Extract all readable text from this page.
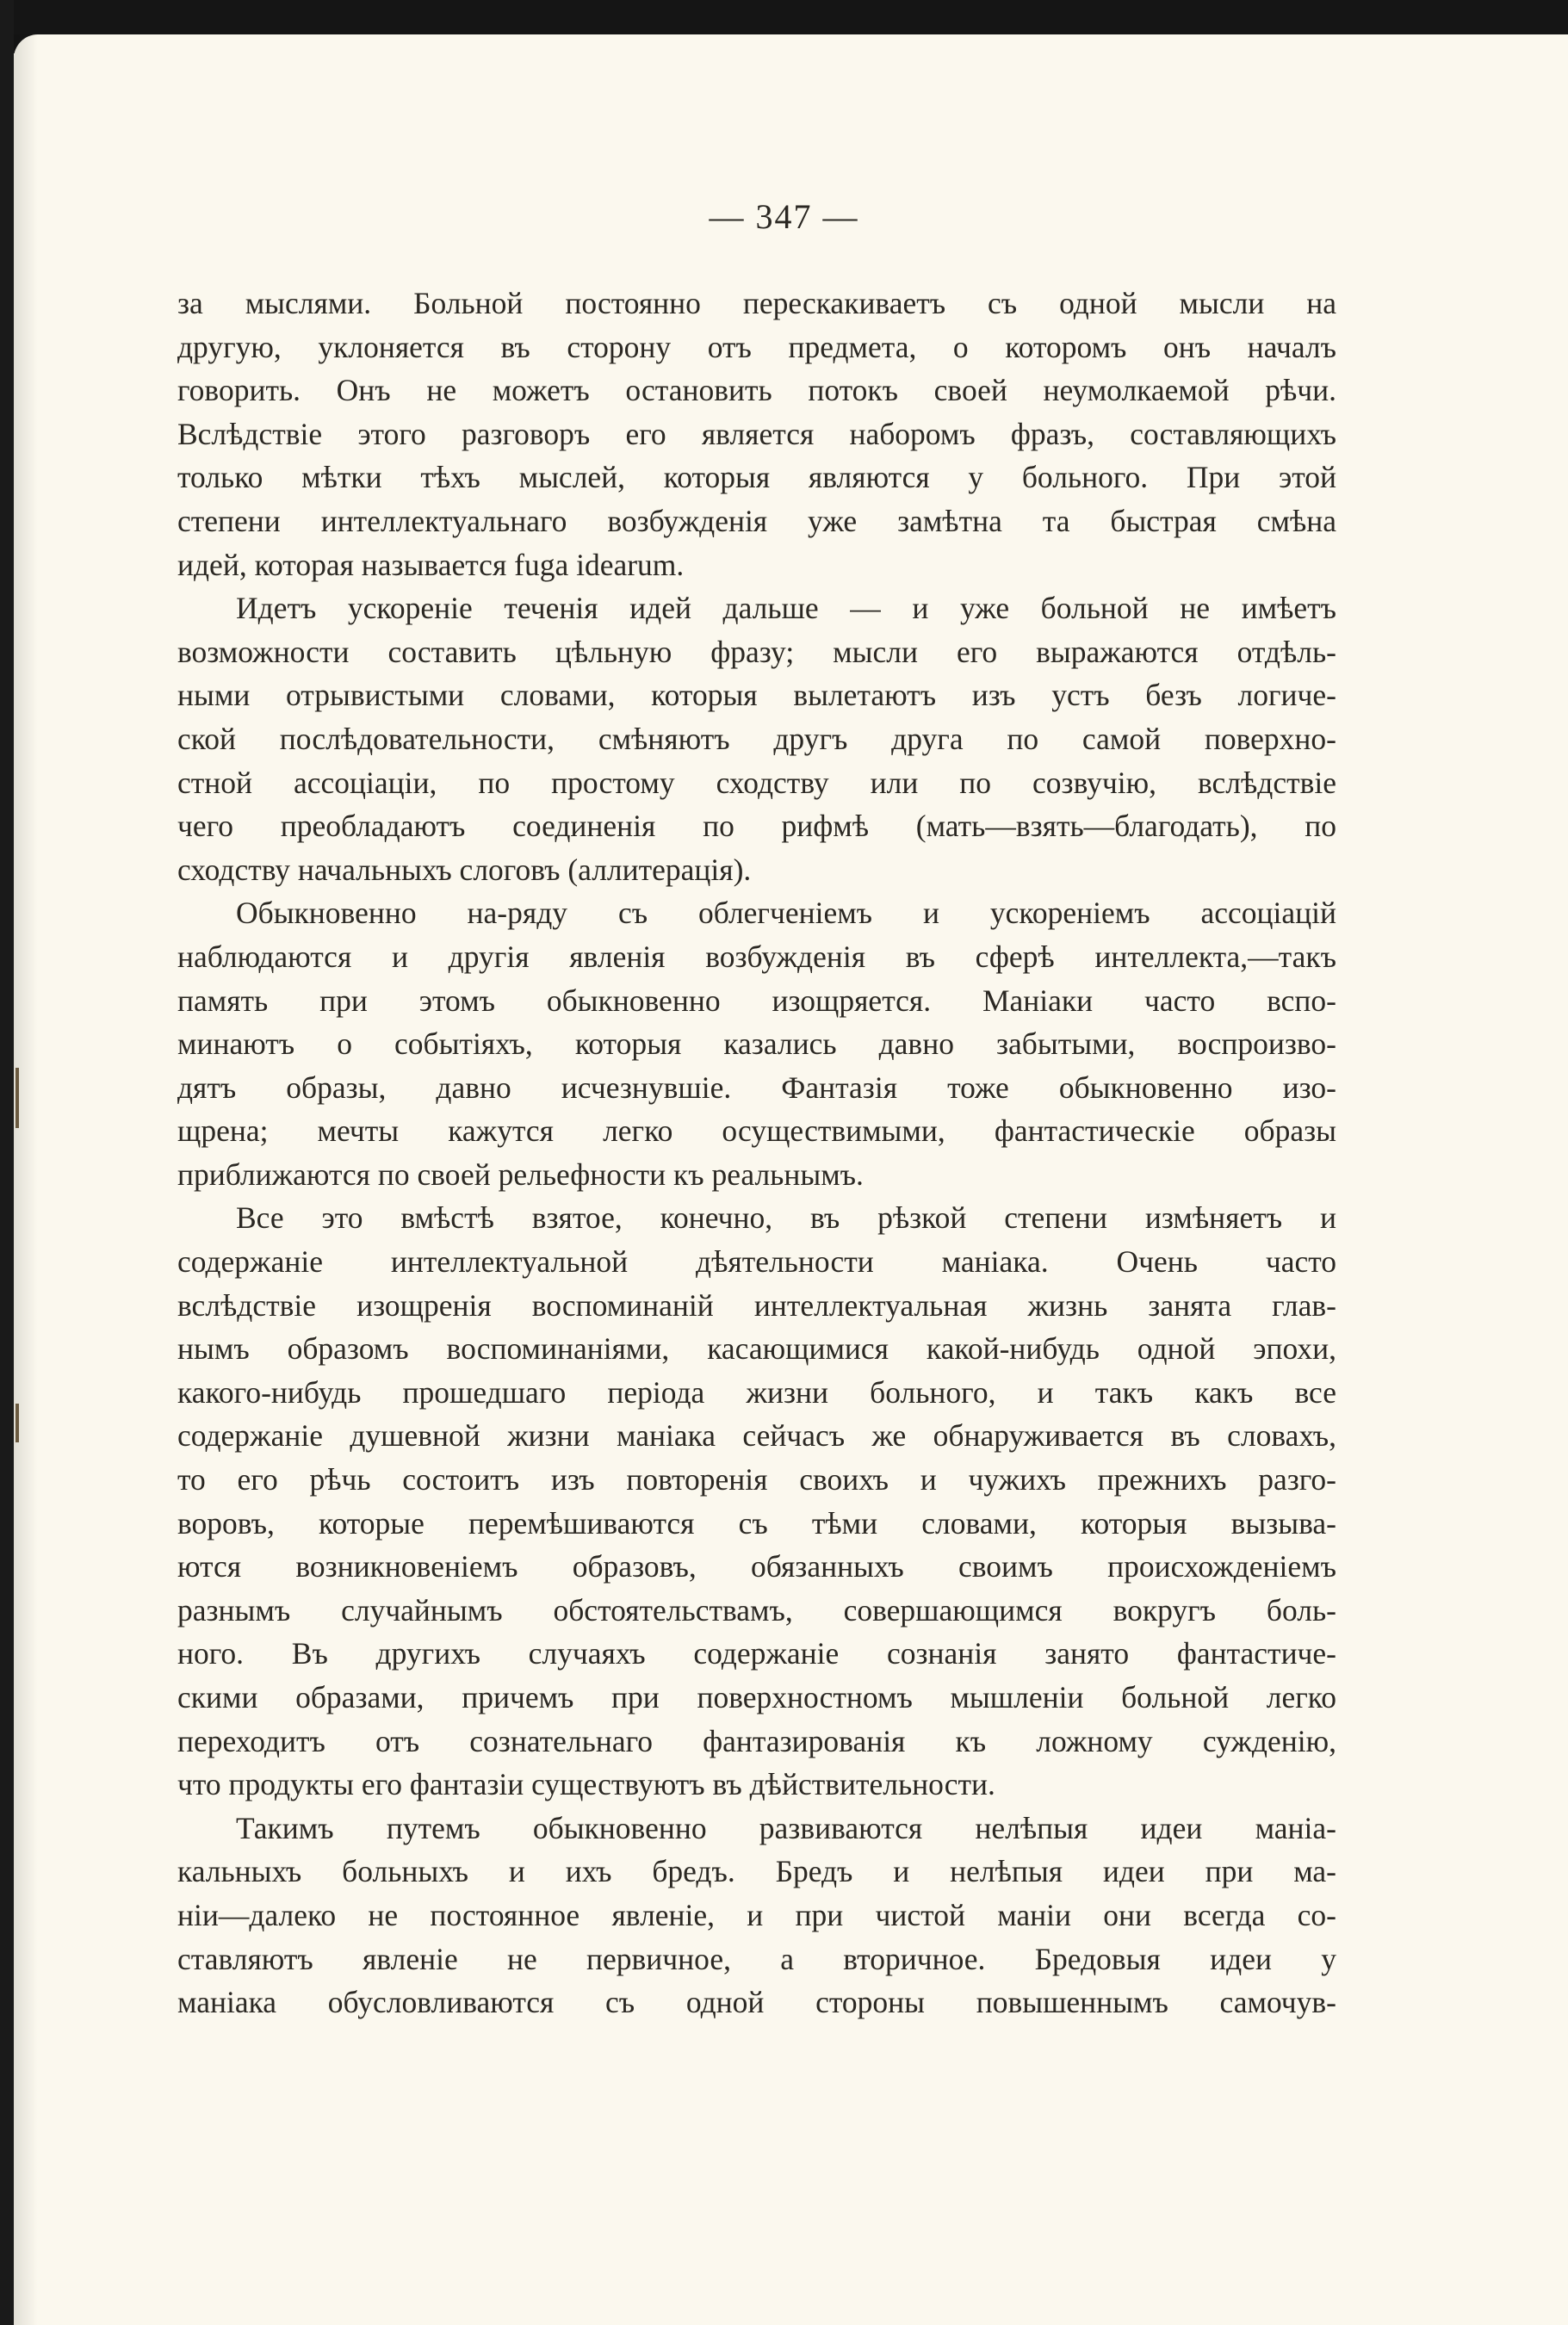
— 347 —
за мыслями. Больной постоянно перескакиваетъ съ одной мысли на
другую, уклоняется въ сторону отъ предмета, о которомъ онъ началъ
говорить. Онъ не можетъ остановить потокъ своей неумолкаемой рѣчи.
Вслѣдствіе этого разговоръ его является наборомъ фразъ, составляющихъ
только мѣтки тѣхъ мыслей, которыя являются у больного. При этой
степени интеллектуальнаго возбужденія уже замѣтна та быстрая смѣна
идей, которая называется fuga idearum.
Идетъ ускореніе теченія идей дальше — и уже больной не имѣетъ
возможности составить цѣльную фразу; мысли его выражаются отдѣль-
ными отрывистыми словами, которыя вылетаютъ изъ устъ безъ логиче-
ской послѣдовательности, смѣняютъ другъ друга по самой поверхно-
стной ассоціаціи, по простому сходству или по созвучію, вслѣдствіе
чего преобладаютъ соединенія по рифмѣ (мать—взять—благодать), по
сходству начальныхъ слоговъ (аллитерація).
Обыкновенно на-ряду съ облегченіемъ и ускореніемъ ассоціацій
наблюдаются и другія явленія возбужденія въ сферѣ интеллекта,—такъ
память при этомъ обыкновенно изощряется. Маніаки часто вспо-
минаютъ о событіяхъ, которыя казались давно забытыми, воспроизво-
дятъ образы, давно исчезнувшіе. Фантазія тоже обыкновенно изо-
щрена; мечты кажутся легко осуществимыми, фантастическіе образы
приближаются по своей рельефности къ реальнымъ.
Все это вмѣстѣ взятое, конечно, въ рѣзкой степени измѣняетъ и
содержаніе интеллектуальной дѣятельности маніака. Очень часто
вслѣдствіе изощренія воспоминаній интеллектуальная жизнь занята глав-
нымъ образомъ воспоминаніями, касающимися какой-нибудь одной эпохи,
какого-нибудь прошедшаго періода жизни больного, и такъ какъ все
содержаніе душевной жизни маніака сейчасъ же обнаруживается въ словахъ,
то его рѣчь состоитъ изъ повторенія своихъ и чужихъ прежнихъ разго-
воровъ, которые перемѣшиваются съ тѣми словами, которыя вызыва-
ются возникновеніемъ образовъ, обязанныхъ своимъ происхожденіемъ
разнымъ случайнымъ обстоятельствамъ, совершающимся вокругъ боль-
ного. Въ другихъ случаяхъ содержаніе сознанія занято фантастиче-
скими образами, причемъ при поверхностномъ мышленіи больной легко
переходитъ отъ сознательнаго фантазированія къ ложному сужденію,
что продукты его фантазіи существуютъ въ дѣйствительности.
Такимъ путемъ обыкновенно развиваются нелѣпыя идеи маніа-
кальныхъ больныхъ и ихъ бредъ. Бредъ и нелѣпыя идеи при ма-
ніи—далеко не постоянное явленіе, и при чистой маніи они всегда со-
ставляютъ явленіе не первичное, а вторичное. Бредовыя идеи у
маніака обусловливаются съ одной стороны повышеннымъ самочув-
